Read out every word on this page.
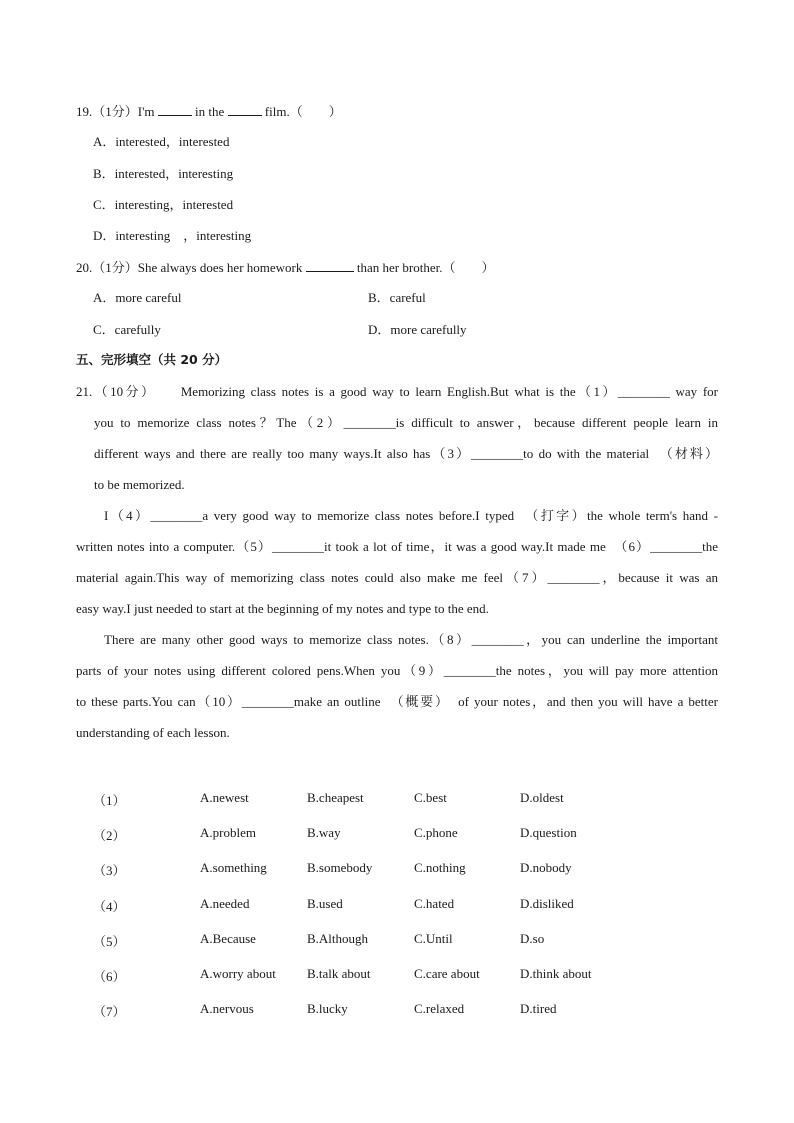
19.（1分）I'm	in the	film.（　　）
A．interested，interested
B．interested，interesting
C．interesting，interested
D．interesting　，interesting
20.（1分）She always does her homework	than her brother.（　　）
A．more careful	B．careful
C．carefully	D．more carefully
五、完形填空（共 20 分）
21.（10分）　　Memorizing class notes is a good way to learn English.But what is the（1）________ way for
you to memorize class notes？The（2）________is difficult to answer，because different people learn in
different ways and there are really too many ways.It also has（3）________to do with the material　（材料）
to be memorized.
I（4）________a very good way to memorize class notes before.I typed　（打字）the whole term's hand -
written notes into a computer.（5）________it took a lot of time，it was a good way.It made me　（6）________the
material again.This way of memorizing class notes could also make me feel（7）________，because it was an
easy way.I just needed to start at the beginning of my notes and type to the end.
There are many other good ways to memorize class notes.（8）________，you can underline the important
parts of your notes using different colored pens.When you（9）________the notes，you will pay more attention
to these parts.You can（10）________make an outline　（概要）　of your notes，and then you will have a better
understanding of each lesson.
（1）	A.newest	B.cheapest	C.best	D.oldest
（2）	A.problem	B.way	C.phone	D.question
（3）	A.something	B.somebody	C.nothing	D.nobody
（4）	A.needed	B.used	C.hated	D.disliked
（5）	A.Because	B.Although	C.Until	D.so
（6）	A.worry about B.talk about	C.care about	D.think about
（7）	A.nervous	B.lucky	C.relaxed	D.tired
